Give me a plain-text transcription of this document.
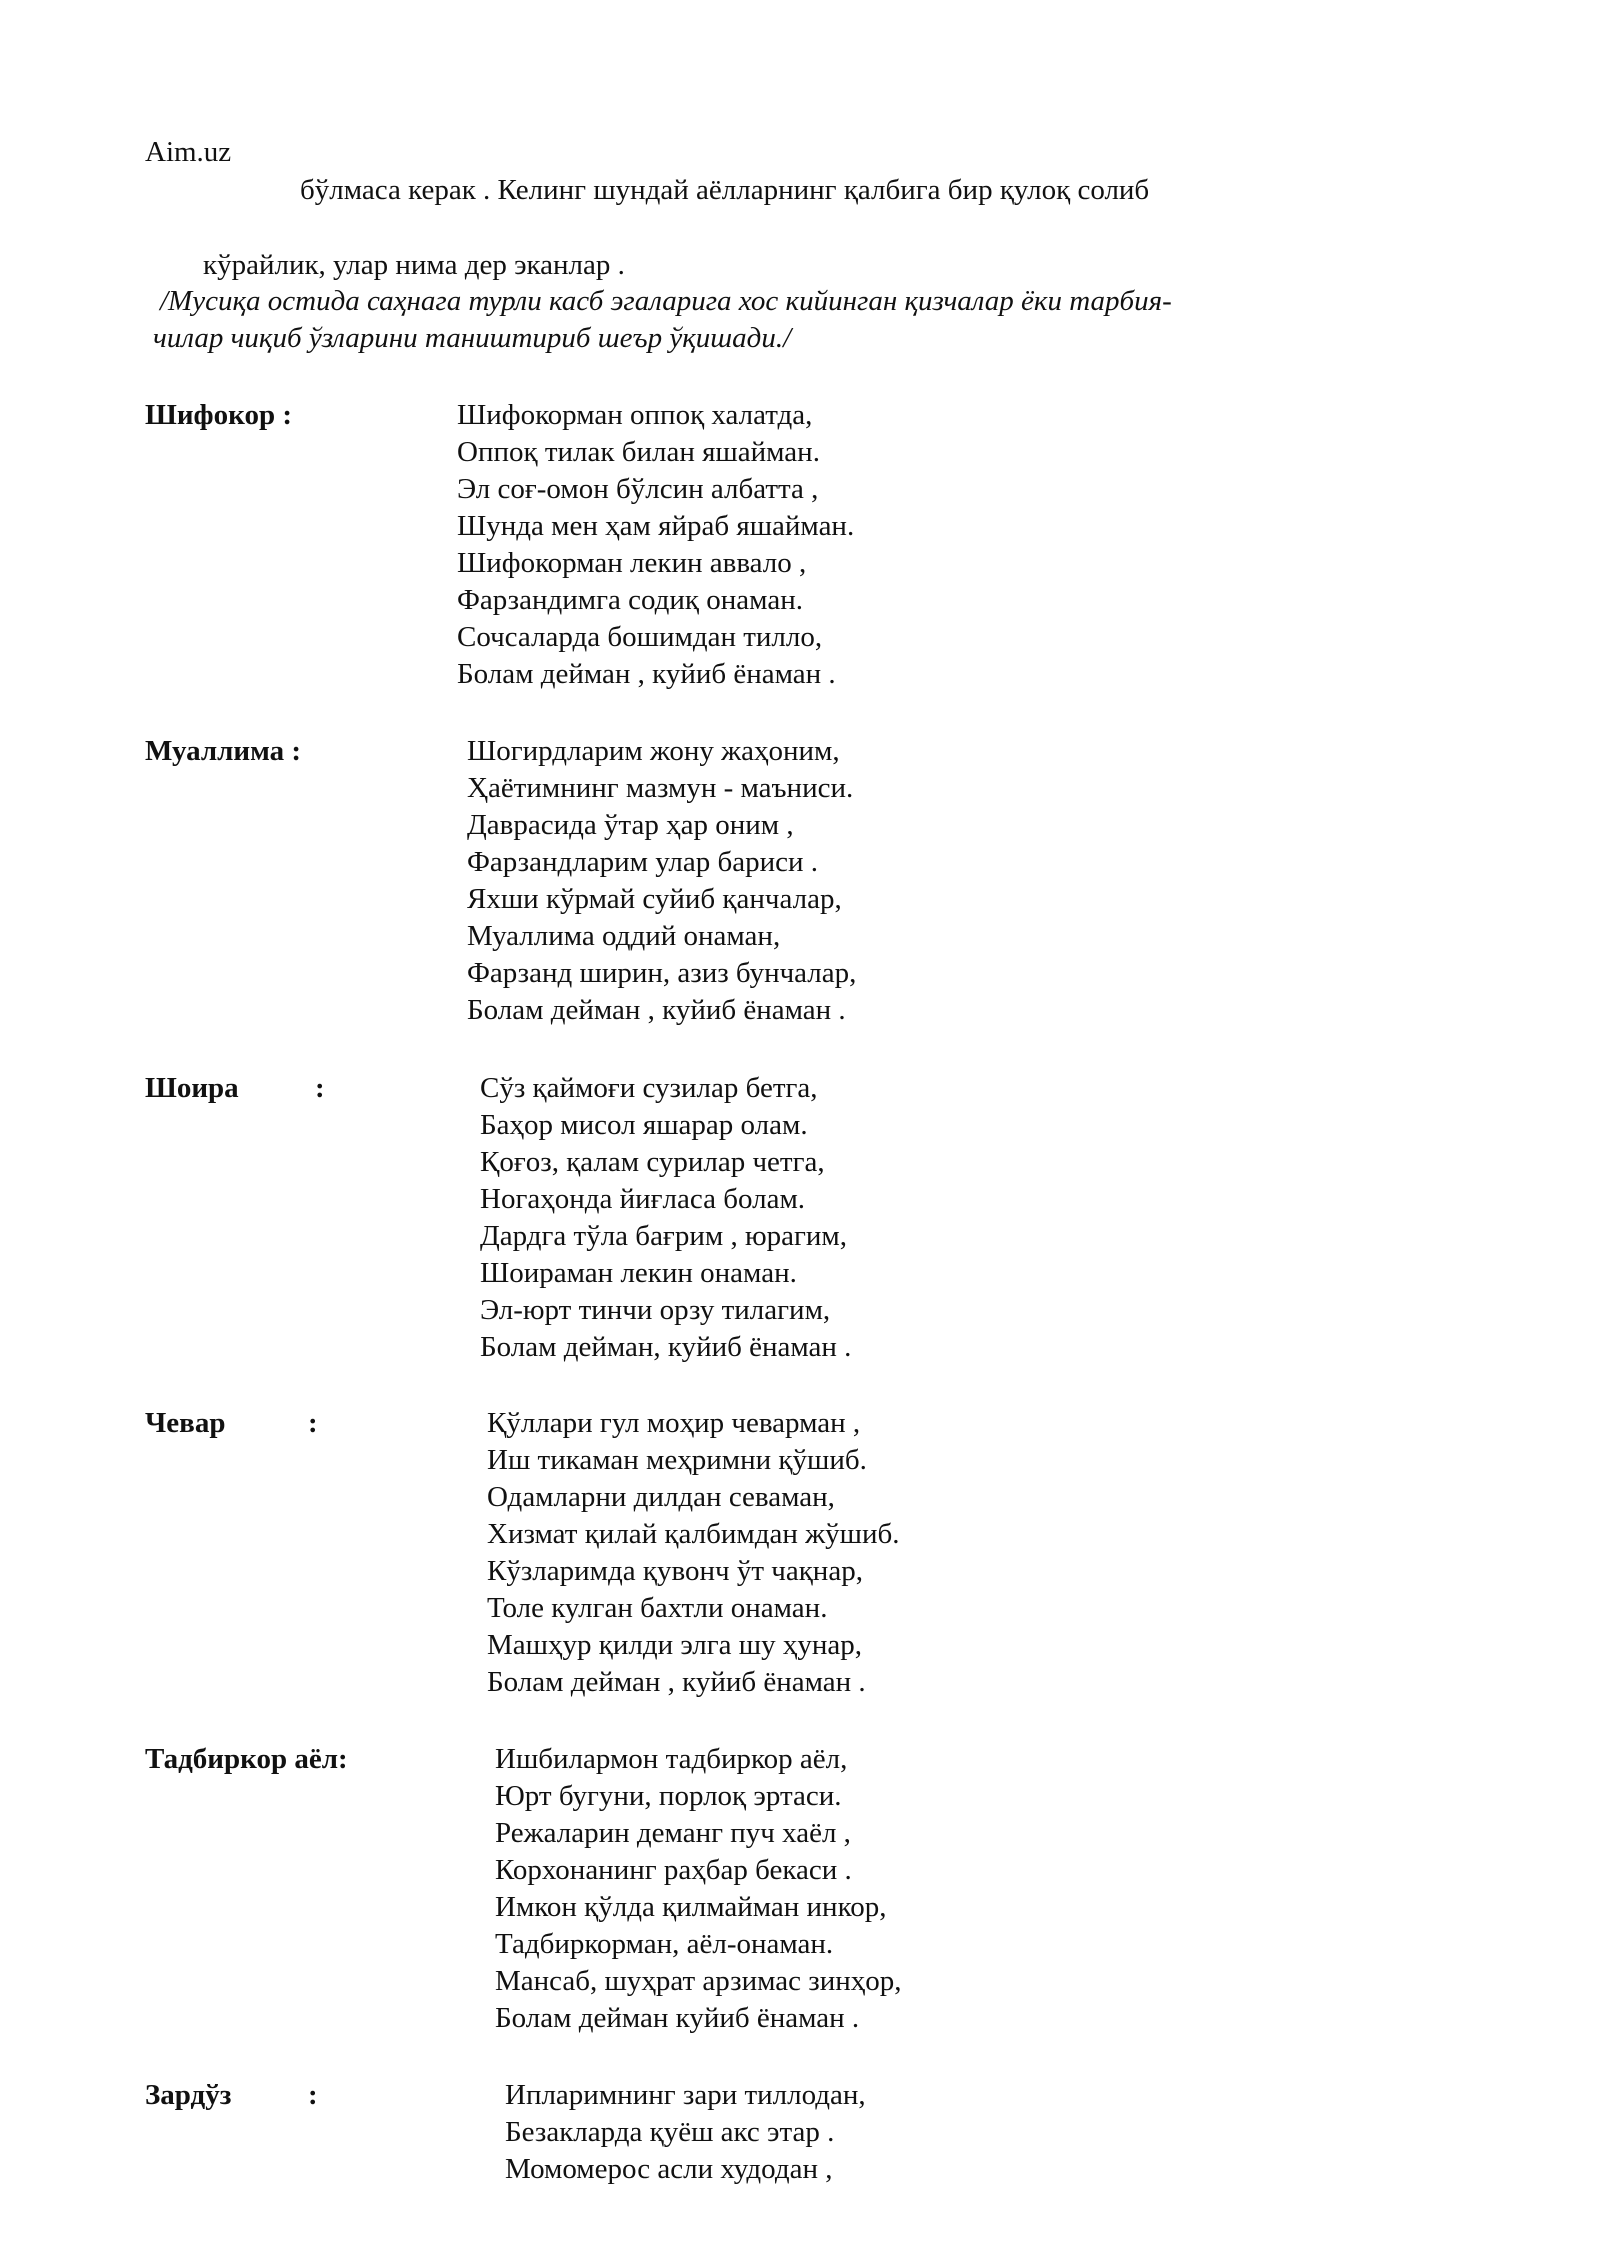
Aim.uz
бўлмаса керак . Келинг шундай аёлларнинг қалбига бир қулоқ солиб
кўрайлик, улар нима дер эканлар .
/Мусиқа остида саҳнага турли касб эгаларига хос кийинган қизчалар ёки тарбия-
чилар чиқиб ўзларини таништириб шеър ўқишади./
Шифокор :	Шифокорман оппоқ халатда,
Оппоқ тилак билан яшайман.
Эл соғ-омон бўлсин албатта ,
Шунда мен ҳам яйраб яшайман.
Шифокорман лекин аввало ,
Фарзандимга содиқ онаман.
Сочсаларда бошимдан тилло,
Болам дейман , куйиб ёнаман .
Муаллима :	Шогирдларим жону жаҳоним,
Ҳаётимнинг мазмун - маъниси.
Даврасида ўтар ҳар оним ,
Фарзандларим улар бариси .
Яхши кўрмай суйиб қанчалар,
Муаллима оддий онаман,
Фарзанд ширин, азиз бунчалар,
Болам дейман , куйиб ёнаман .
Шоира	:	Сўз қаймоғи сузилар бетга,
Баҳор мисол яшарар олам.
Қоғоз, қалам сурилар четга,
Ногаҳонда йиғласа болам.
Дардга тўла бағрим , юрагим,
Шоираман лекин онаман.
Эл-юрт тинчи орзу тилагим,
Болам дейман, куйиб ёнаман .
Чевар	:	Қўллари гул моҳир чеварман ,
Иш тикаман меҳримни қўшиб.
Одамларни дилдан севаман,
Хизмат қилай қалбимдан жўшиб.
Кўзларимда қувонч ўт чақнар,
Толе кулган бахтли онаман.
Машҳур қилди элга шу ҳунар,
Болам дейман , куйиб ёнаман .
Тадбиркор аёл:	Ишбилармон тадбиркор аёл,
Юрт бугуни, порлоқ эртаси.
Режаларин деманг пуч хаёл ,
Корхонанинг раҳбар бекаси .
Имкон қўлда қилмайман инкор,
Тадбиркорман, аёл-онаман.
Мансаб, шуҳрат арзимас зинҳор,
Болам дейман куйиб ёнаман .
Зардўз	:	Ипларимнинг зари тиллодан,
Безакларда қуёш акс этар .
Момомерос асли худодан ,
